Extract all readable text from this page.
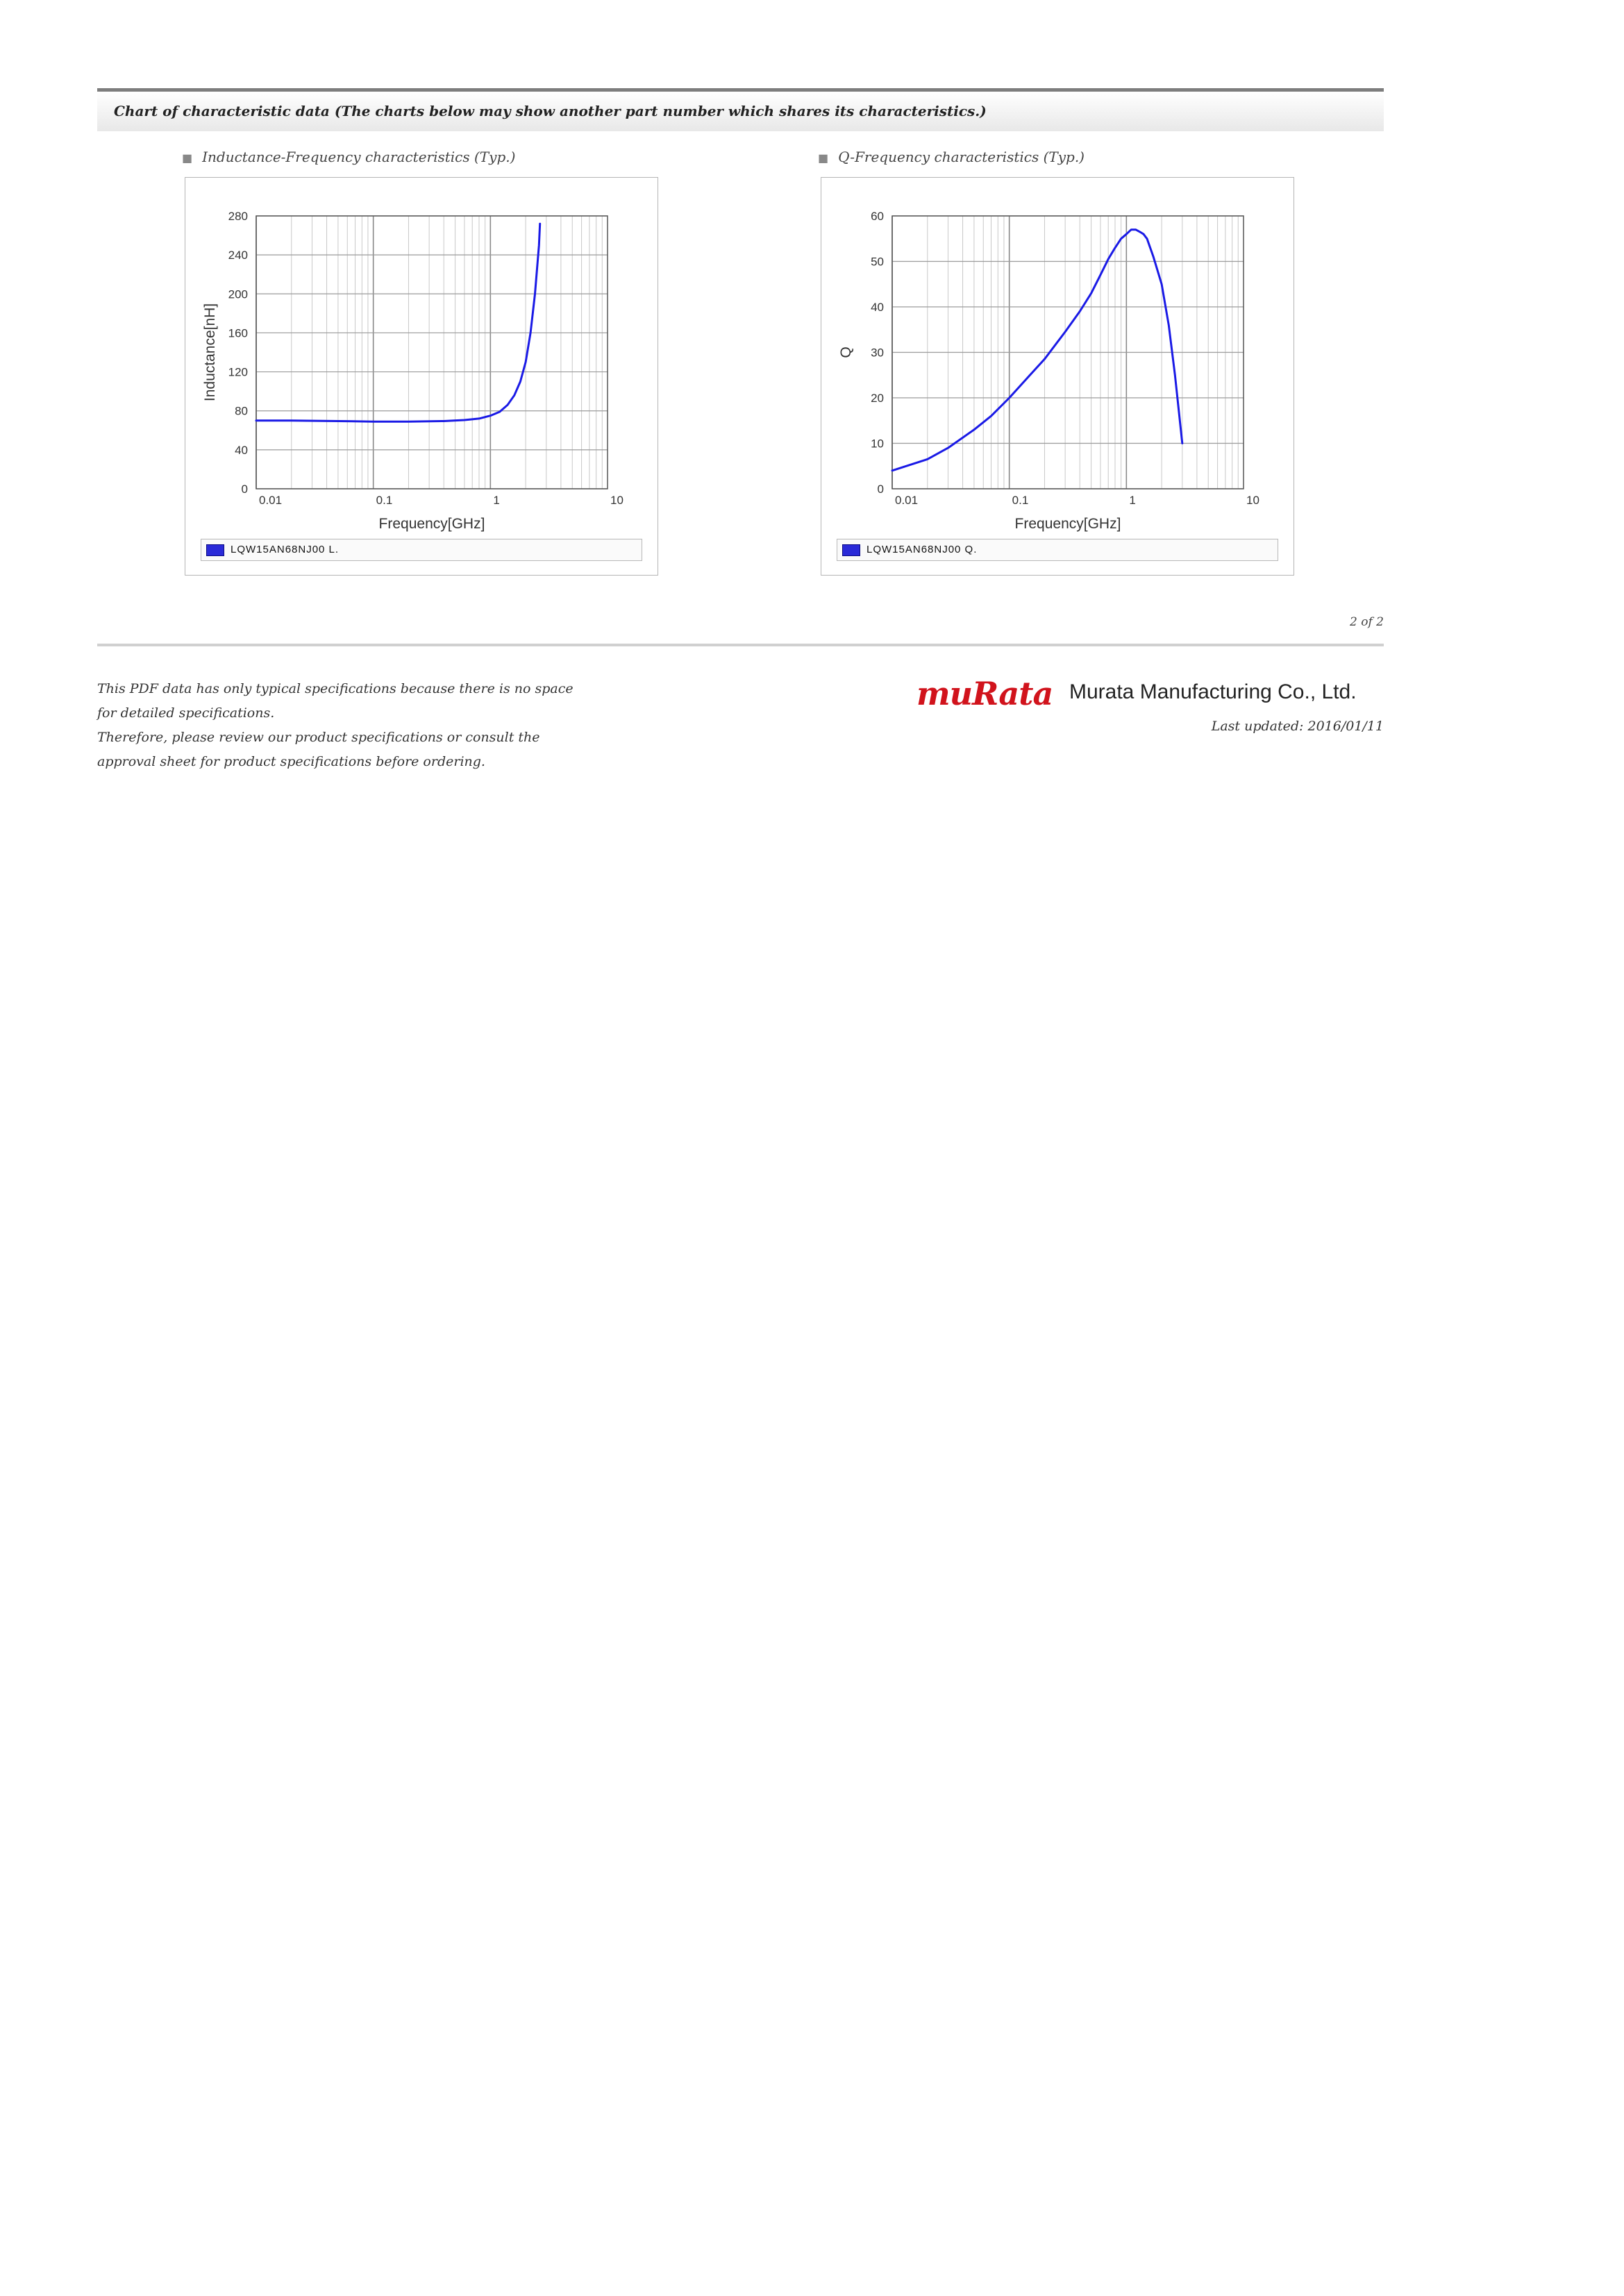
Chart of characteristic data (The charts below may show another part number which shares its characteristics.)
■ Inductance-Frequency characteristics (Typ.)
0
40
80
120
160
200
240
280
0.01	0.1	1	10
Frequency[GHz]
Inductance[nH]
LQW15AN68NJ00 L.
■ Q-Frequency characteristics (Typ.)
0
10
20
30
40
50
60
0.01	0.1	1	10
Frequency[GHz]
Q
LQW15AN68NJ00 Q.
2 of 2
This PDF data has only typical specifications because there is no space
for detailed specifications.
Therefore, please review our product specifications or consult the
approval sheet for product specifications before ordering.
muRata Murata Manufacturing Co., Ltd.
Last updated: 2016/01/11
